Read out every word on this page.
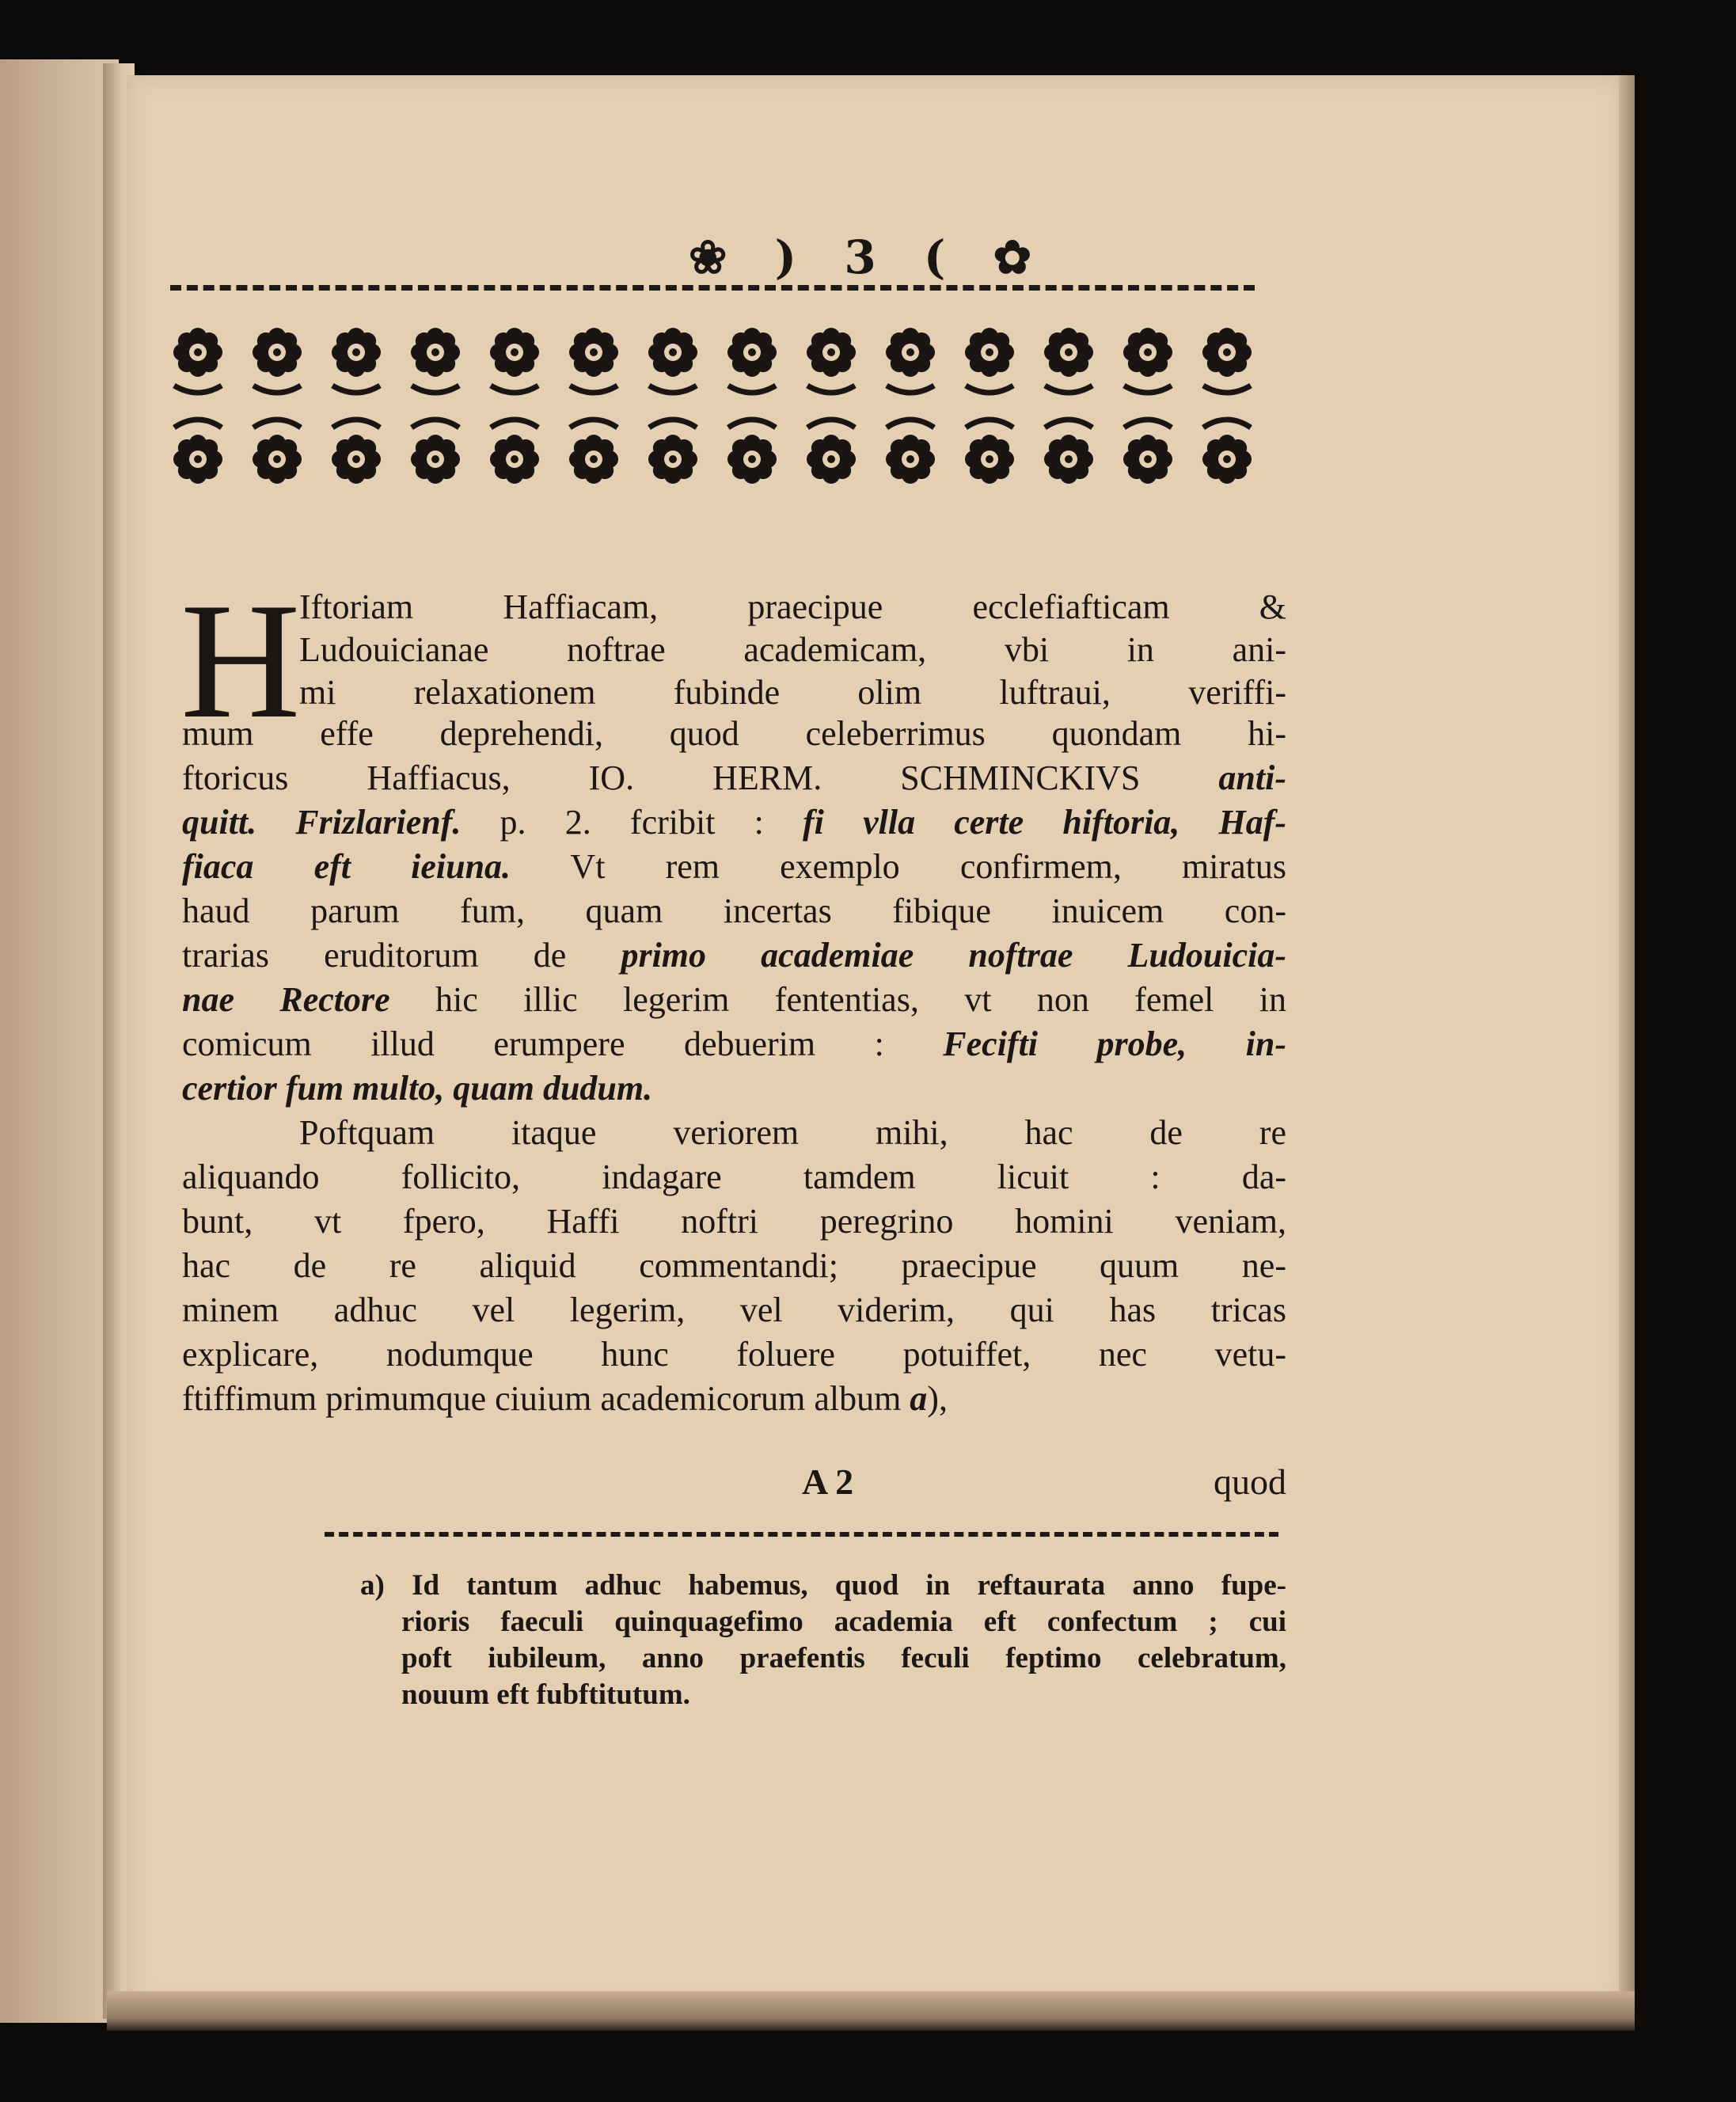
❀ ) 3 ( ✿
H
Iftoriam Haffiacam, praecipue ecclefiafticam &
Ludouicianae noftrae academicam, vbi in ani-
mi relaxationem fubinde olim luftraui, veriffi-
mum effe deprehendi, quod celeberrimus quondam hi-
ftoricus Haffiacus, IO. HERM. SCHMINCKIVS anti-
quitt. Frizlarienf. p. 2. fcribit : fi vlla certe hiftoria, Haf-
fiaca eft ieiuna. Vt rem exemplo confirmem, miratus
haud parum fum, quam incertas fibique inuicem con-
trarias eruditorum de primo academiae noftrae Ludouicia-
nae Rectore hic illic legerim fententias, vt non femel in
comicum illud erumpere debuerim : Fecifti probe, in-
certior fum multo, quam dudum.
Poftquam itaque veriorem mihi, hac de re
aliquando follicito, indagare tamdem licuit : da-
bunt, vt fpero, Haffi noftri peregrino homini veniam,
hac de re aliquid commentandi; praecipue quum ne-
minem adhuc vel legerim, vel viderim, qui has tricas
explicare, nodumque hunc foluere potuiffet, nec vetu-
ftiffimum primumque ciuium academicorum album a),
A 2	quod
a) Id tantum adhuc habemus, quod in reftaurata anno fupe-
rioris faeculi quinquagefimo academia eft confectum ; cui
poft iubileum, anno praefentis feculi feptimo celebratum,
nouum eft fubftitutum.
